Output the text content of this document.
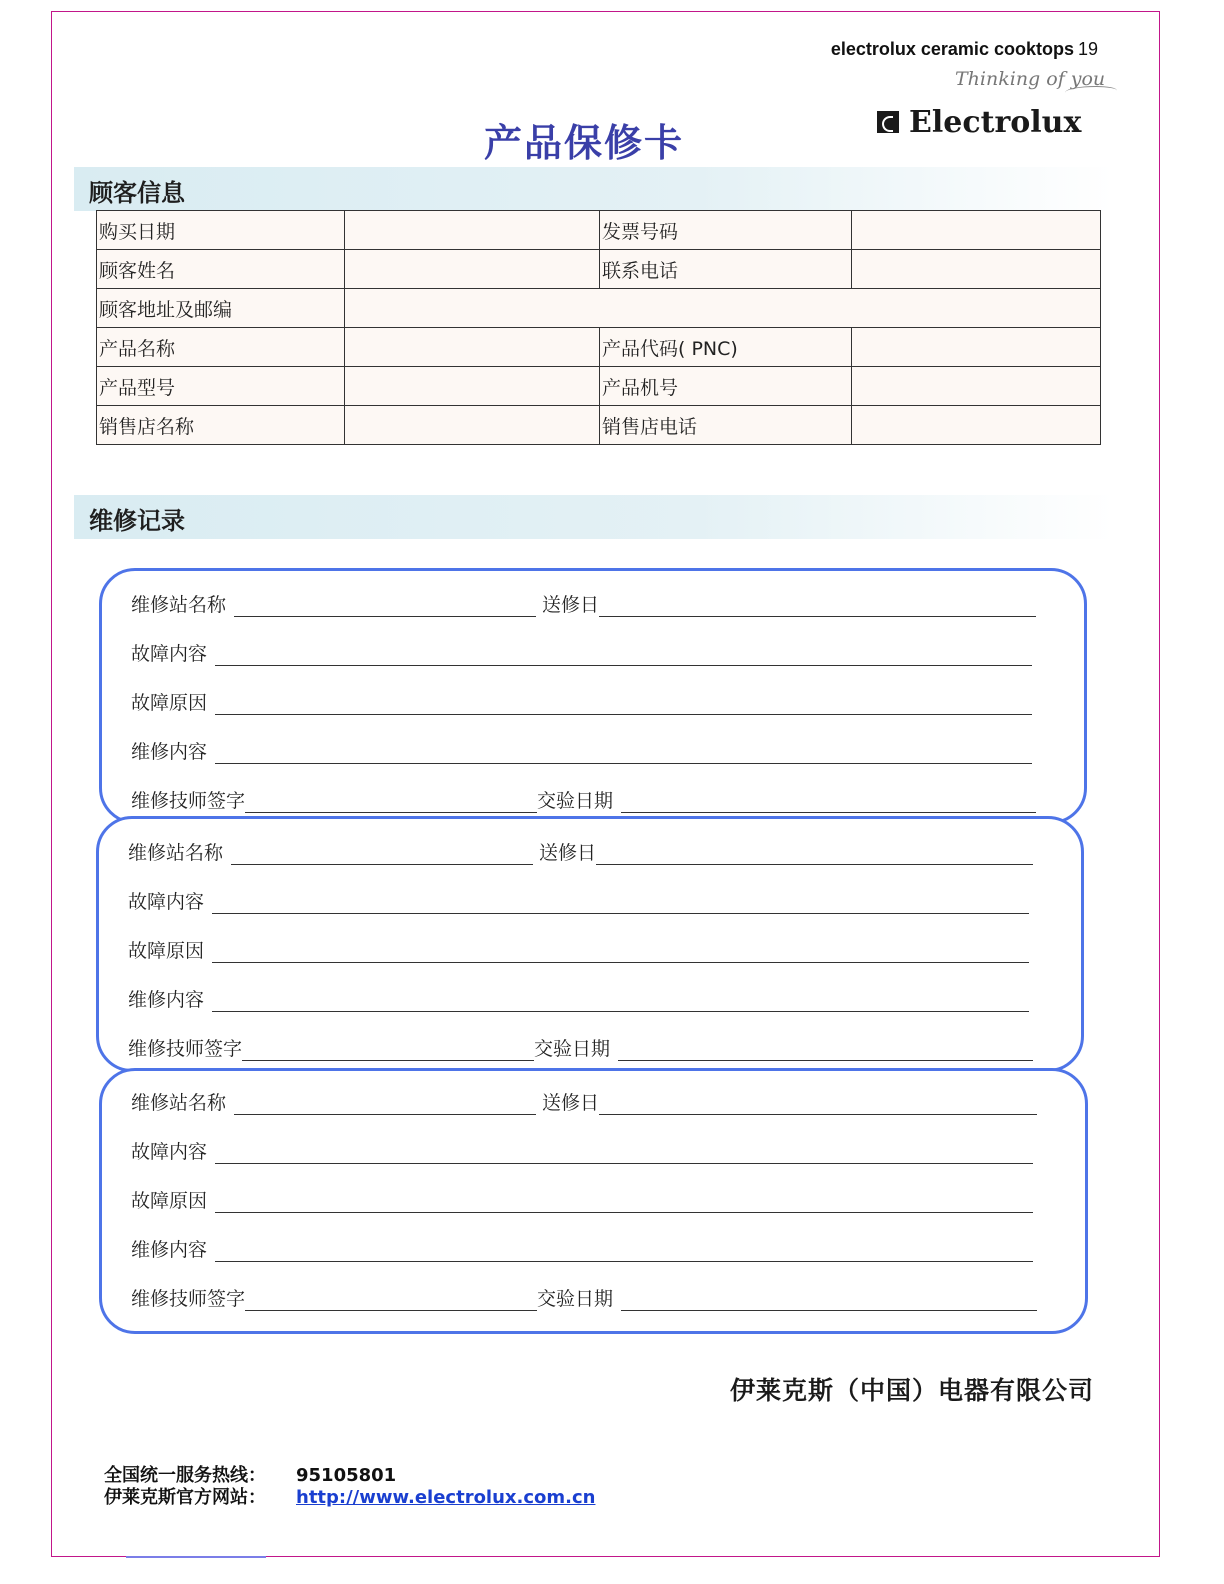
electrolux ceramic cooktops 19
Thinking of you
Electrolux
产品保修卡
顾客信息
购买日期		发票号码	
顾客姓名		联系电话	
顾客地址及邮编			
产品名称		产品代码( PNC)	
产品型号		产品机号	
销售店名称		销售店电话	
维修记录
维修站名称	送修日
故障内容
故障原因
维修内容
维修技师签字	交验日期
维修站名称	送修日
故障内容
故障原因
维修内容
维修技师签字	交验日期
维修站名称	送修日
故障内容
故障原因
维修内容
维修技师签字	交验日期
伊莱克斯（中国）电器有限公司
全国统一服务热线：	95105801
伊莱克斯官方网站：	http://www.electrolux.com.cn
